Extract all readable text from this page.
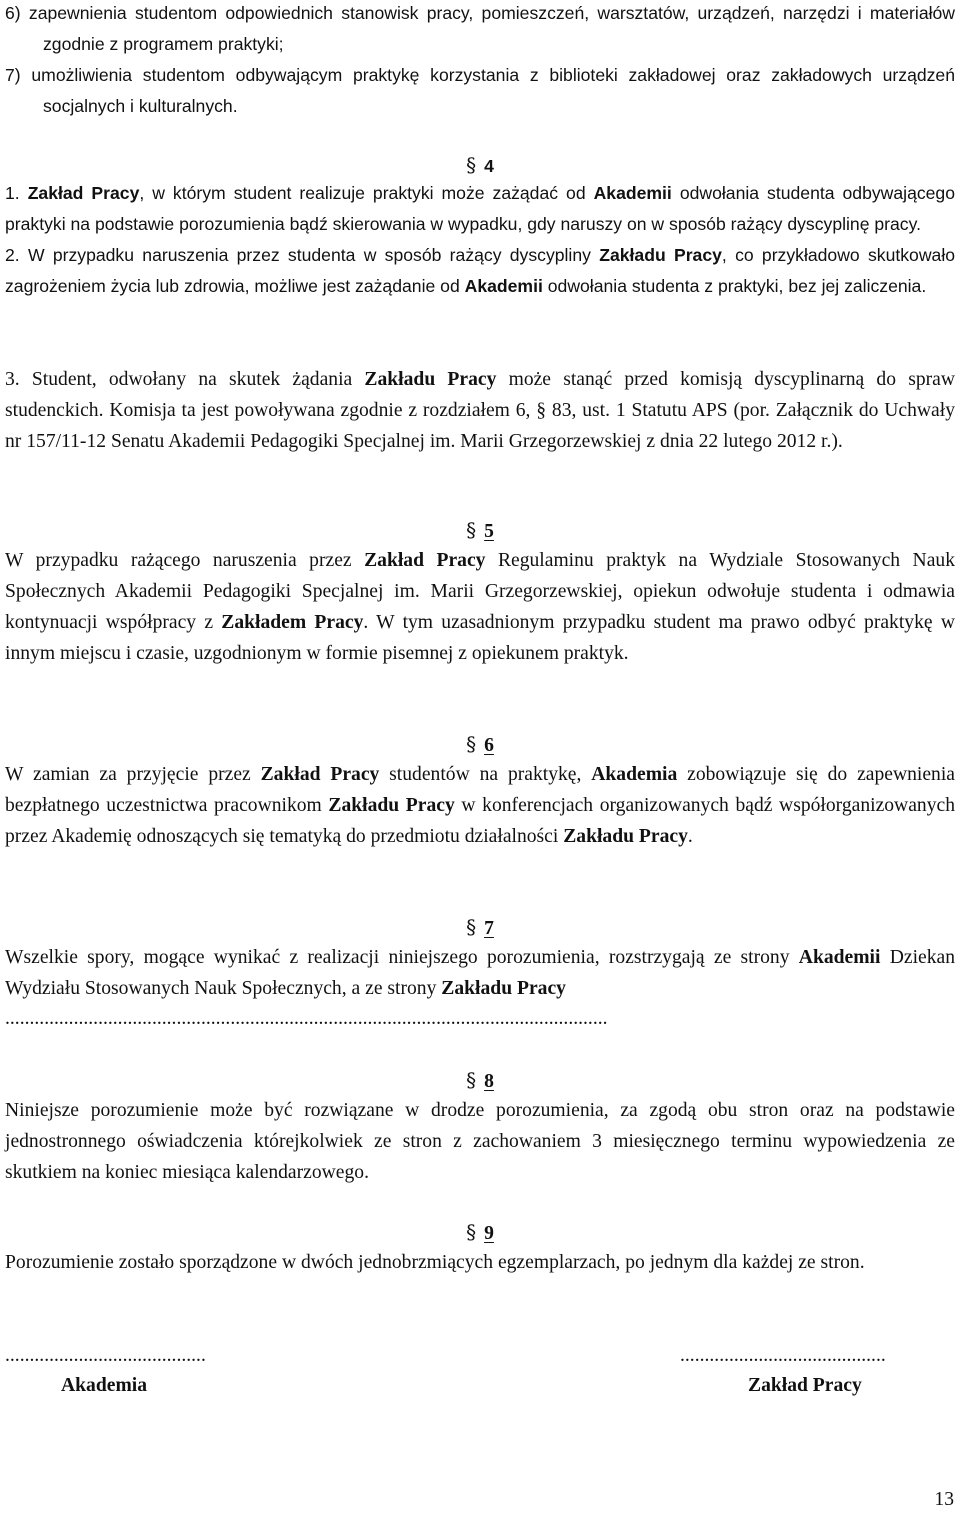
6) zapewnienia studentom odpowiednich stanowisk pracy, pomieszczeń, warsztatów, urządzeń, narzędzi i materiałów zgodnie z programem praktyki;
7) umożliwienia studentom odbywającym praktykę korzystania z biblioteki zakładowej oraz zakładowych urządzeń socjalnych i kulturalnych.

§ 4

1. Zakład Pracy, w którym student realizuje praktyki może zażądać od Akademii odwołania studenta odbywającego praktyki na podstawie porozumienia bądź skierowania w wypadku, gdy naruszy on w sposób rażący dyscyplinę pracy.
2. W przypadku naruszenia przez studenta w sposób rażący dyscypliny Zakładu Pracy, co przykładowo skutkowało zagrożeniem życia lub zdrowia, możliwe jest zażądanie od Akademii odwołania studenta z praktyki, bez jej zaliczenia.
3. Student, odwołany na skutek żądania Zakładu Pracy może stanąć przed komisją dyscyplinarną do spraw studenckich. Komisja ta jest powoływana zgodnie z rozdziałem 6, § 83, ust. 1 Statutu APS (por. Załącznik do Uchwały nr 157/11-12 Senatu Akademii Pedagogiki Specjalnej im. Marii Grzegorzewskiej z dnia 22 lutego 2012 r.).

§ 5

W przypadku rażącego naruszenia przez Zakład Pracy Regulaminu praktyk na Wydziale Stosowanych Nauk Społecznych Akademii Pedagogiki Specjalnej im. Marii Grzegorzewskiej, opiekun odwołuje studenta i odmawia kontynuacji współpracy z Zakładem Pracy. W tym uzasadnionym przypadku student ma prawo odbyć praktykę w innym miejscu i czasie, uzgodnionym w formie pisemnej z opiekunem praktyk.

§ 6

W zamian za przyjęcie przez Zakład Pracy studentów na praktykę, Akademia zobowiązuje się do zapewnienia bezpłatnego uczestnictwa pracownikom Zakładu Pracy w konferencjach organizowanych bądź współorganizowanych przez Akademię odnoszących się tematyką do przedmiotu działalności Zakładu Pracy.

§ 7

Wszelkie spory, mogące wynikać z realizacji niniejszego porozumienia, rozstrzygają ze strony Akademii Dziekan Wydziału Stosowanych Nauk Społecznych, a ze strony Zakładu Pracy

...........................................................................................................................

§ 8

Niniejsze porozumienie może być rozwiązane w drodze porozumienia, za zgodą obu stron oraz na podstawie jednostronnego oświadczenia którejkolwiek ze stron z zachowaniem 3 miesięcznego terminu wypowiedzenia ze skutkiem na koniec miesiąca kalendarzowego.

§ 9

Porozumienie zostało sporządzone w dwóch jednobrzmiących egzemplarzach, po jednym dla każdej ze stron.

.........................................

Akademia

..........................................

Zakład Pracy

13
